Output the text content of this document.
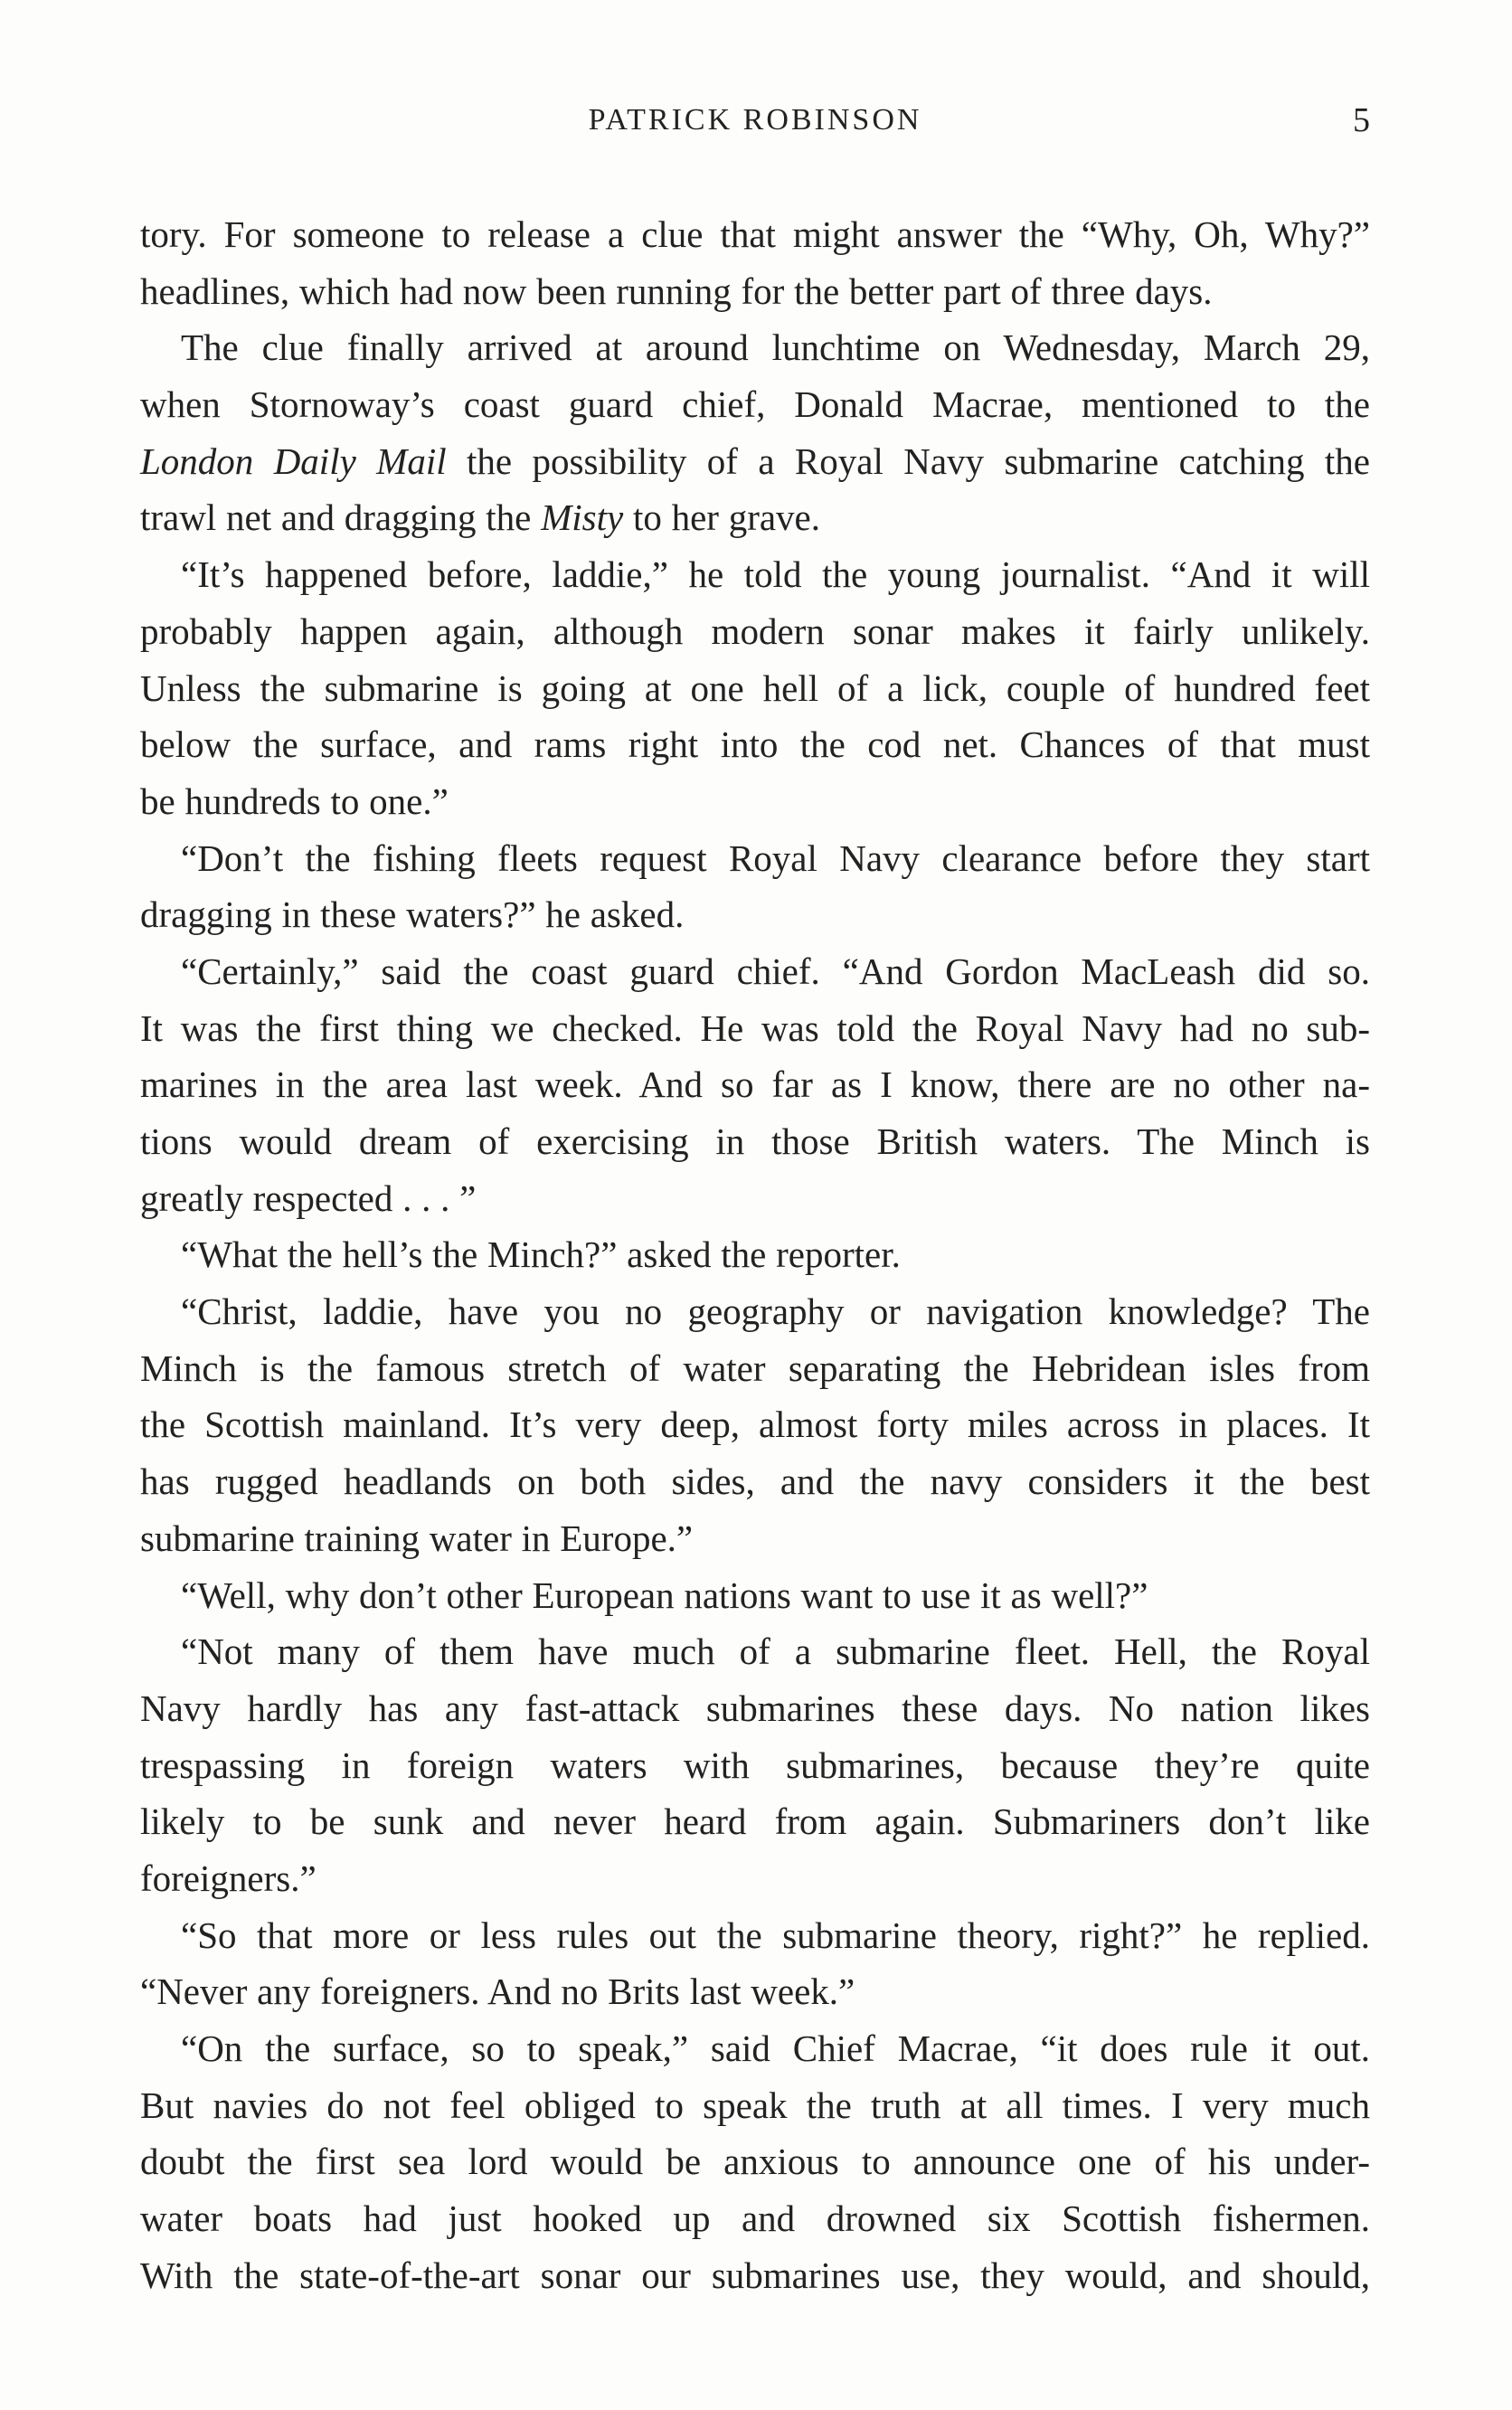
PATRICK ROBINSON	5
tory. For someone to release a clue that might answer the “Why, Oh, Why?”
headlines, which had now been running for the better part of three days.
The clue finally arrived at around lunchtime on Wednesday, March 29,
when Stornoway’s coast guard chief, Donald Macrae, mentioned to the
London Daily Mail the possibility of a Royal Navy submarine catching the
trawl net and dragging the Misty to her grave.
“It’s happened before, laddie,” he told the young journalist. “And it will
probably happen again, although modern sonar makes it fairly unlikely.
Unless the submarine is going at one hell of a lick, couple of hundred feet
below the surface, and rams right into the cod net. Chances of that must
be hundreds to one.”
“Don’t the fishing fleets request Royal Navy clearance before they start
dragging in these waters?” he asked.
“Certainly,” said the coast guard chief. “And Gordon MacLeash did so.
It was the first thing we checked. He was told the Royal Navy had no sub-
marines in the area last week. And so far as I know, there are no other na-
tions would dream of exercising in those British waters. The Minch is
greatly respected . . . ”
“What the hell’s the Minch?” asked the reporter.
“Christ, laddie, have you no geography or navigation knowledge? The
Minch is the famous stretch of water separating the Hebridean isles from
the Scottish mainland. It’s very deep, almost forty miles across in places. It
has rugged headlands on both sides, and the navy considers it the best
submarine training water in Europe.”
“Well, why don’t other European nations want to use it as well?”
“Not many of them have much of a submarine fleet. Hell, the Royal
Navy hardly has any fast-attack submarines these days. No nation likes
trespassing in foreign waters with submarines, because they’re quite
likely to be sunk and never heard from again. Submariners don’t like
foreigners.”
“So that more or less rules out the submarine theory, right?” he replied.
“Never any foreigners. And no Brits last week.”
“On the surface, so to speak,” said Chief Macrae, “it does rule it out.
But navies do not feel obliged to speak the truth at all times. I very much
doubt the first sea lord would be anxious to announce one of his under-
water boats had just hooked up and drowned six Scottish fishermen.
With the state-of-the-art sonar our submarines use, they would, and should,
